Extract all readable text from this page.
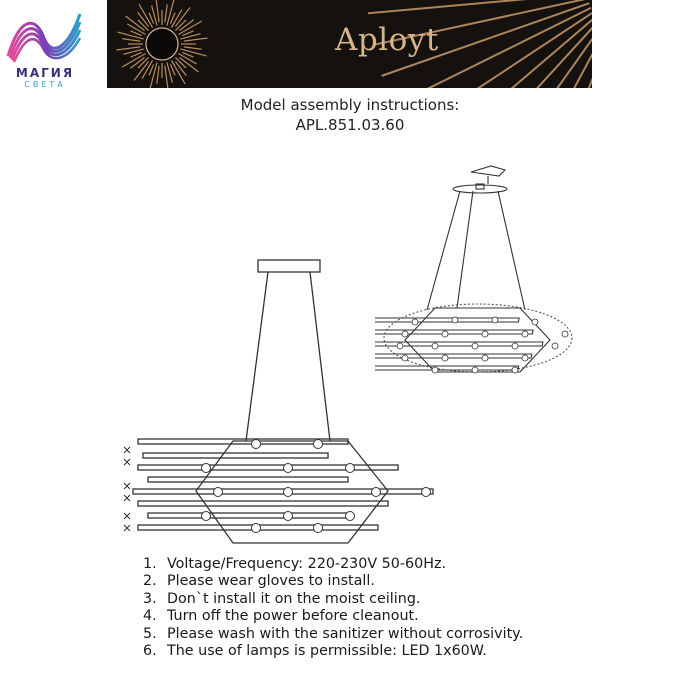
МАГИЯ
СВЕТА
Aployt
Model assembly instructions:
APL.851.03.60
1. Voltage/Frequency: 220-230V 50-60Hz.
2. Please wear gloves to install.
3. Don`t install it on the moist ceiling.
4. Turn off the power before cleanout.
5. Please wash with the sanitizer without corrosivity.
6. The use of lamps is permissible: LED 1x60W.
